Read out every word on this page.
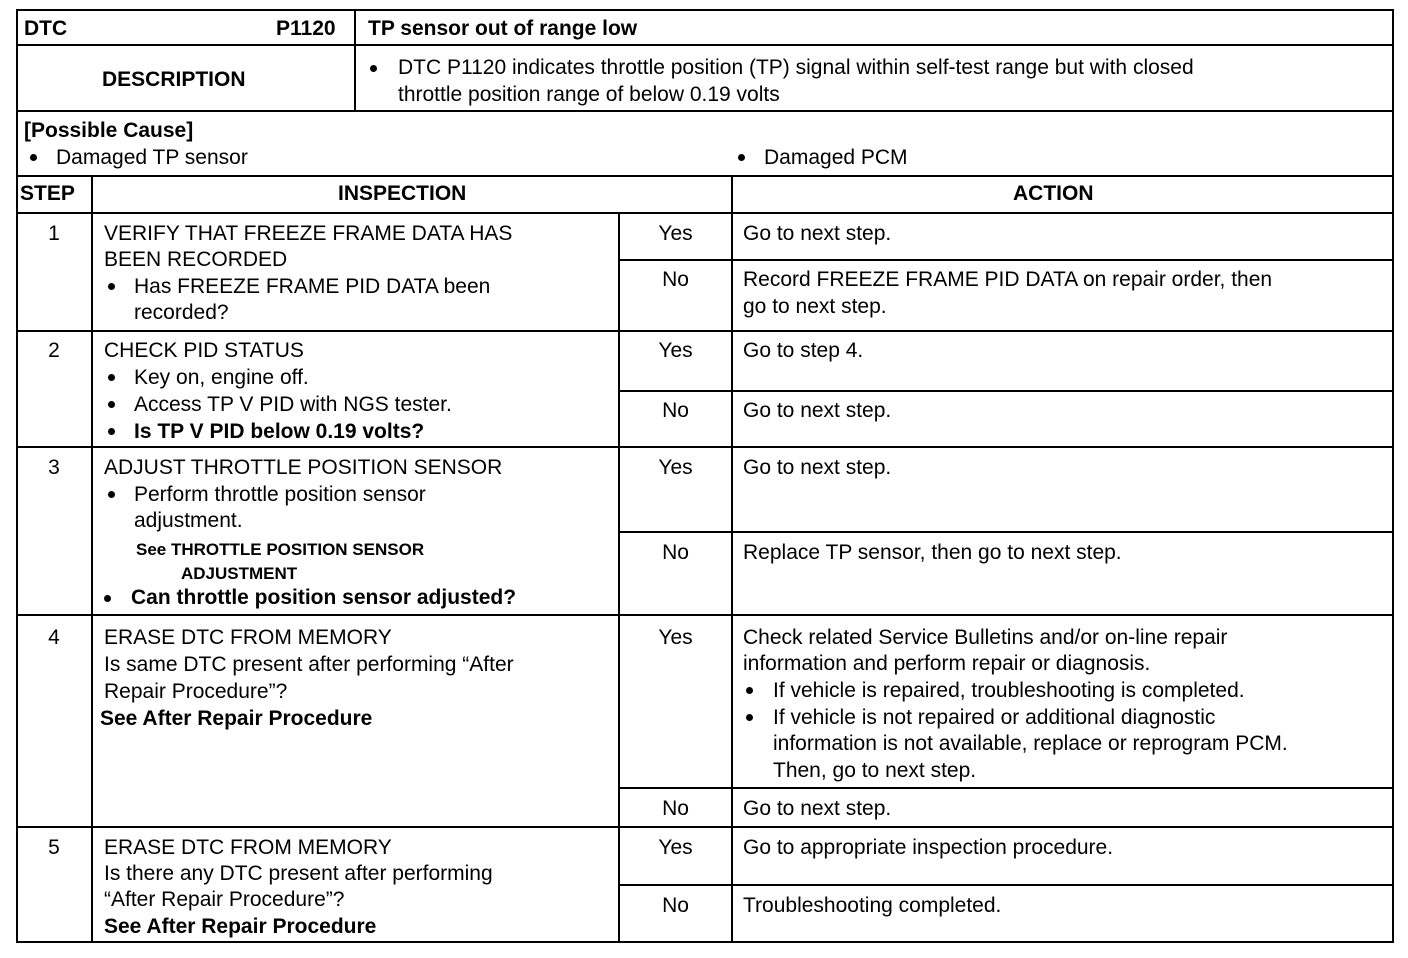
DTC	P1120 TP sensor out of range low
DESCRIPTION
DTC P1120 indicates throttle position (TP) signal within self-test range but with closed
throttle position range of below 0.19 volts
[Possible Cause]
Damaged TP sensor	Damaged PCM
STEP	INSPECTION	ACTION
1	VERIFY THAT FREEZE FRAME DATA HAS
BEEN RECORDED
Has FREEZE FRAME PID DATA been
recorded?
Yes	Go to next step.
No	Record FREEZE FRAME PID DATA on repair order, then
go to next step.
2	CHECK PID STATUS
Key on, engine off.
Access TP V PID with NGS tester.
Is TP V PID below 0.19 volts?
Yes	Go to step 4.
No	Go to next step.
3	ADJUST THROTTLE POSITION SENSOR
Perform throttle position sensor
adjustment.
See THROTTLE POSITION SENSOR
ADJUSTMENT
Can throttle position sensor adjusted?
Yes	Go to next step.
No	Replace TP sensor, then go to next step.
4	ERASE DTC FROM MEMORY
Is same DTC present after performing “After
Repair Procedure”?
See After Repair Procedure
Yes	Check related Service Bulletins and/or on-line repair
information and perform repair or diagnosis.
If vehicle is repaired, troubleshooting is completed.
If vehicle is not repaired or additional diagnostic
information is not available, replace or reprogram PCM.
Then, go to next step.
No	Go to next step.
5	ERASE DTC FROM MEMORY
Is there any DTC present after performing
“After Repair Procedure”?
See After Repair Procedure
Yes	Go to appropriate inspection procedure.
No	Troubleshooting completed.
